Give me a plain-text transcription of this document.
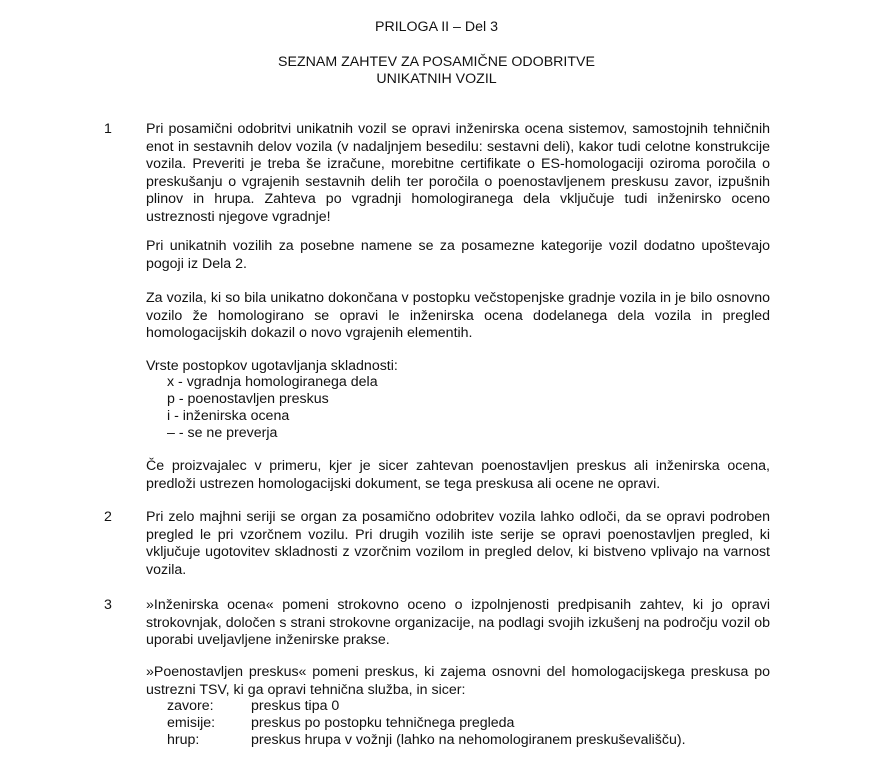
PRILOGA II – Del 3
SEZNAM ZAHTEV ZA POSAMIČNE ODOBRITVE
UNIKATNIH VOZIL
1 Pri posamični odobritvi unikatnih vozil se opravi inženirska ocena sistemov, samostojnih tehničnih enot in sestavnih delov vozila (v nadaljnjem besedilu: sestavni deli), kakor tudi celotne konstrukcije vozila. Preveriti je treba še izračune, morebitne certifikate o ES-homologaciji oziroma poročila o preskušanju o vgrajenih sestavnih delih ter poročila o poenostavljenem preskusu zavor, izpušnih plinov in hrupa. Zahteva po vgradnji homologiranega dela vključuje tudi inženirsko oceno ustreznosti njegove vgradnje!
Pri unikatnih vozilih za posebne namene se za posamezne kategorije vozil dodatno upoštevajo pogoji iz Dela 2.
Za vozila, ki so bila unikatno dokončana v postopku večstopenjske gradnje vozila in je bilo osnovno vozilo že homologirano se opravi le inženirska ocena dodelanega dela vozila in pregled homologacijskih dokazil o novo vgrajenih elementih.
Vrste postopkov ugotavljanja skladnosti:
x - vgradnja homologiranega dela
p - poenostavljen preskus
i - inženirska ocena
– - se ne preverja
Če proizvajalec v primeru, kjer je sicer zahtevan poenostavljen preskus ali inženirska ocena, predloži ustrezen homologacijski dokument, se tega preskusa ali ocene ne opravi.
2 Pri zelo majhni seriji se organ za posamično odobritev vozila lahko odloči, da se opravi podroben pregled le pri vzorčnem vozilu. Pri drugih vozilih iste serije se opravi poenostavljen pregled, ki vključuje ugotovitev skladnosti z vzorčnim vozilom in pregled delov, ki bistveno vplivajo na varnost vozila.
3 »Inženirska ocena« pomeni strokovno oceno o izpolnjenosti predpisanih zahtev, ki jo opravi strokovnjak, določen s strani strokovne organizacije, na podlagi svojih izkušenj na področju vozil ob uporabi uveljavljene inženirske prakse.
»Poenostavljen preskus« pomeni preskus, ki zajema osnovni del homologacijskega preskusa po ustrezni TSV, ki ga opravi tehnična služba, in sicer:
zavore:	preskus tipa 0
emisije:	preskus po postopku tehničnega pregleda
hrup:	preskus hrupa v vožnji (lahko na nehomologiranem preskuševališču).
